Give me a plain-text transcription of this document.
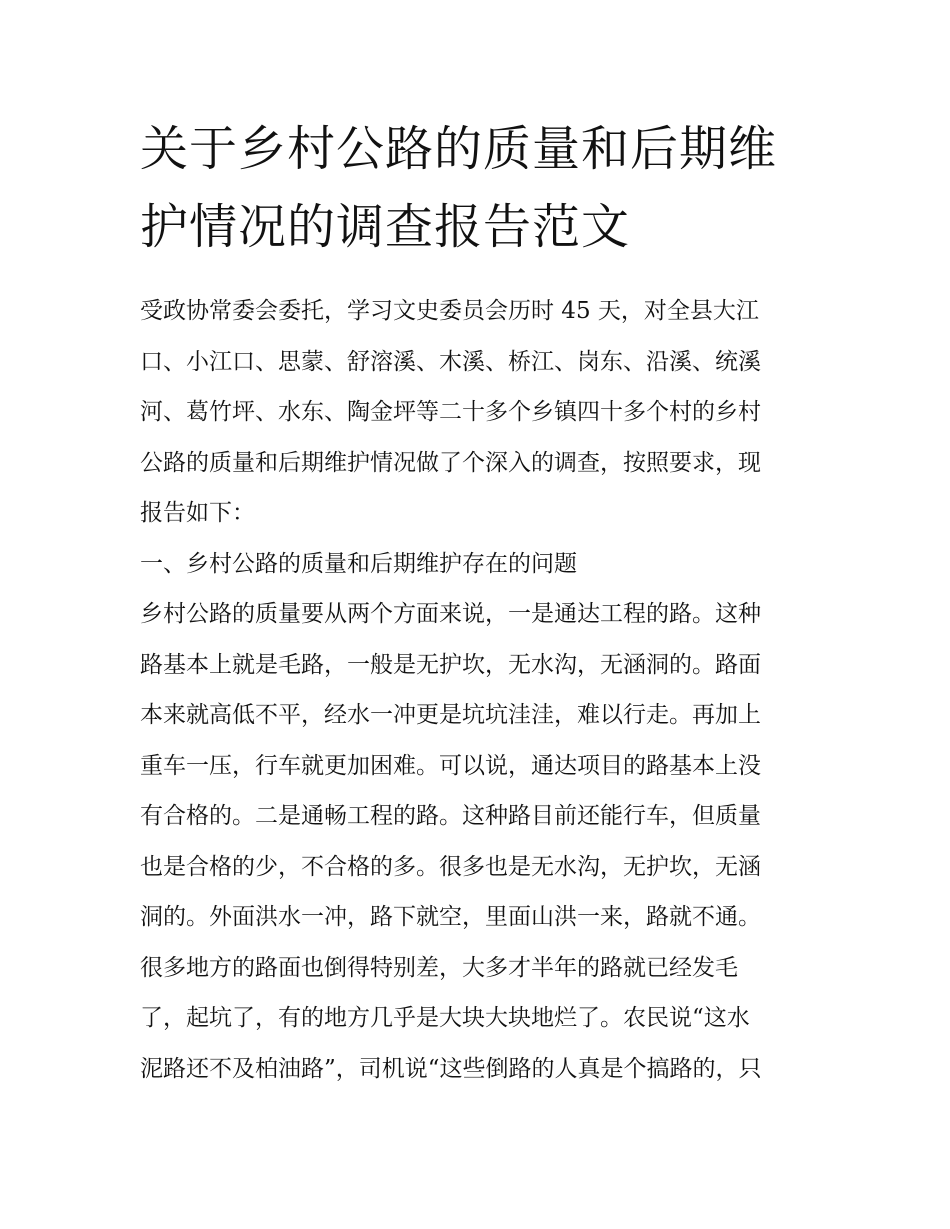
关于乡村公路的质量和后期维
护情况的调查报告范文

受政协常委会委托，学习文史委员会历时 45 天，对全县大江
口、小江口、思蒙、舒溶溪、木溪、桥江、岗东、沿溪、统溪
河、葛竹坪、水东、陶金坪等二十多个乡镇四十多个村的乡村
公路的质量和后期维护情况做了个深入的调查，按照要求，现
报告如下：

一、乡村公路的质量和后期维护存在的问题

乡村公路的质量要从两个方面来说，一是通达工程的路。这种
路基本上就是毛路，一般是无护坎，无水沟，无涵洞的。路面
本来就高低不平，经水一冲更是坑坑洼洼，难以行走。再加上
重车一压，行车就更加困难。可以说，通达项目的路基本上没
有合格的。二是通畅工程的路。这种路目前还能行车，但质量
也是合格的少，不合格的多。很多也是无水沟，无护坎，无涵
洞的。外面洪水一冲，路下就空，里面山洪一来，路就不通。
很多地方的路面也倒得特别差，大多才半年的路就已经发毛
了，起坑了，有的地方几乎是大块大块地烂了。农民说“这水
泥路还不及柏油路”，司机说“这些倒路的人真是个搞路的，只
